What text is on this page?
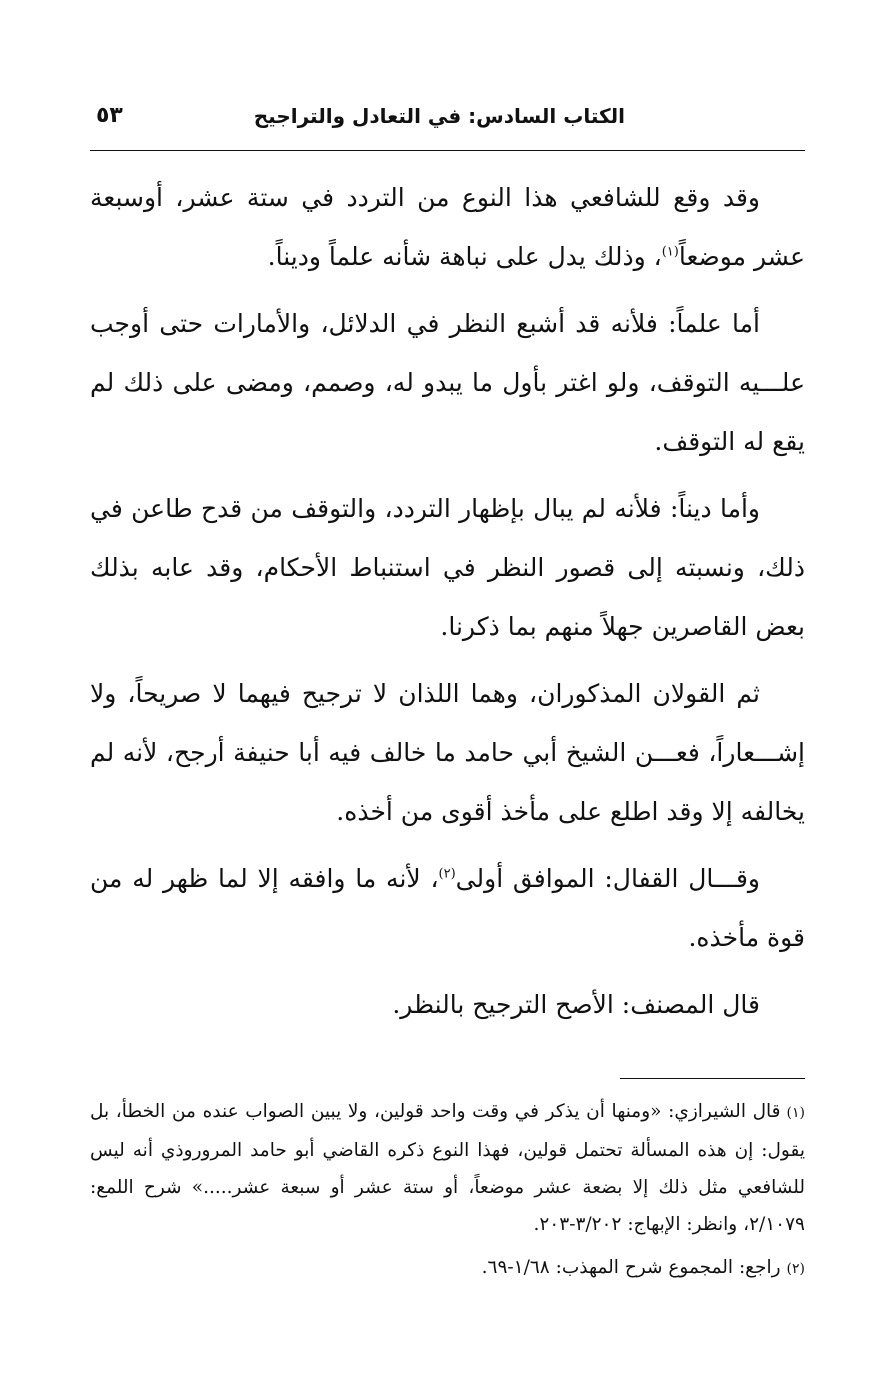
الكتاب السادس: في التعادل والتراجيح
٥٣

وقد وقع للشافعي هذا النوع من التردد في ستة عشر، أوسبعة عشر موضعاً$^{(١)}$، وذلك يدل على نباهة شأنه علماً وديناً.

أما علماً: فلأنه قد أشبع النظر في الدلائل، والأمارات حتى أوجب علـــيه التوقف، ولو اغتر بأول ما يبدو له، وصمم، ومضى على ذلك لم يقع له التوقف.

وأما ديناً: فلأنه لم يبال بإظهار التردد، والتوقف من قدح طاعن في ذلك، ونسبته إلى قصور النظر في استنباط الأحكام، وقد عابه بذلك بعض القاصرين جهلاً منهم بما ذكرنا.

ثم القولان المذكوران، وهما اللذان لا ترجيح فيهما لا صريحاً، ولا إشـــعاراً، فعـــن الشيخ أبي حامد ما خالف فيه أبا حنيفة أرجح، لأنه لم يخالفه إلا وقد اطلع على مأخذ أقوى من أخذه.

وقـــال القفال: الموافق أولى$^{(٢)}$، لأنه ما وافقه إلا لما ظهر له من قوة مأخذه.

قال المصنف: الأصح الترجيح بالنظر.

(١)قال الشيرازي: «ومنها أن يذكر في وقت واحد قولين، ولا يبين الصواب عنده من الخطأ، بل يقول: إن هذه المسألة تحتمل قولين، فهذا النوع ذكره القاضي أبو حامد المروروذي أنه ليس للشافعي مثل ذلك إلا بضعة عشر موضعاً، أو ستة عشر أو سبعة عشر.....» شرح اللمع: ٢/١٠٧٩، وانظر: الإبهاج: ٣/٢٠٢-٢٠٣.

(٢)راجع: المجموع شرح المهذب: ١/٦٨-٦٩.
